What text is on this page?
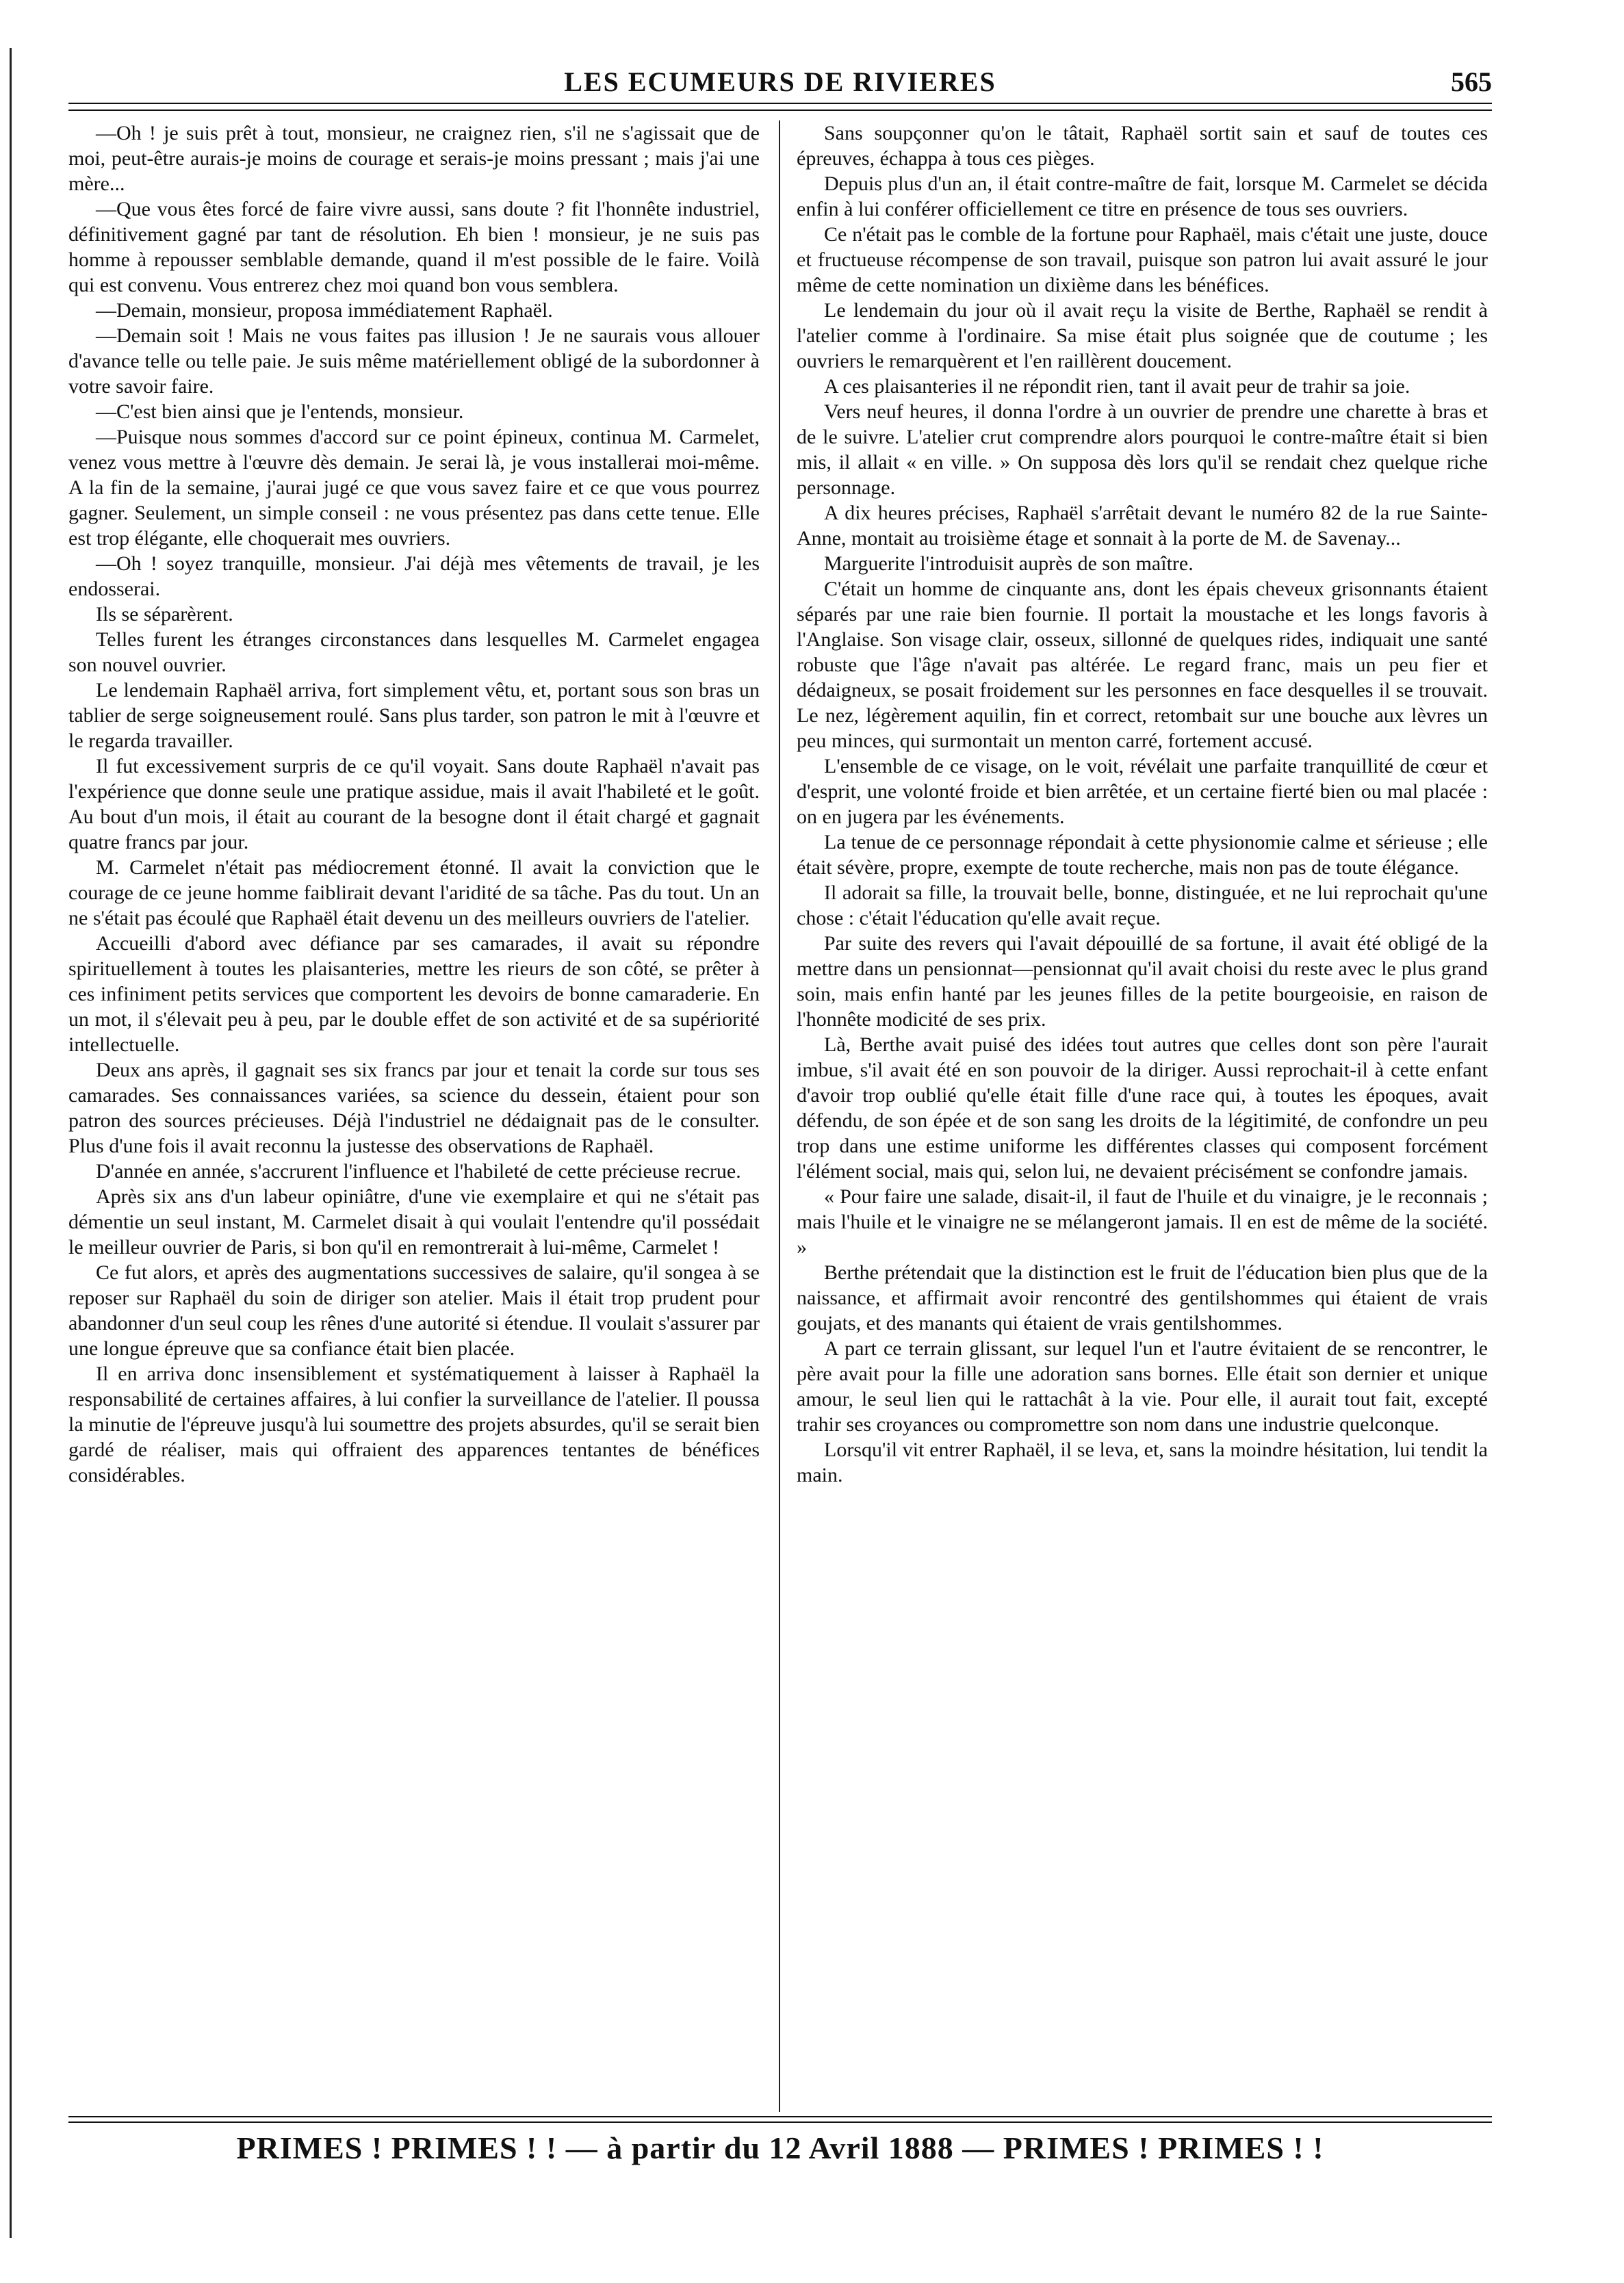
LES ECUMEURS DE RIVIERES	565

—Oh ! je suis prêt à tout, monsieur, ne craignez rien, s'il ne s'agissait que de moi, peut-être aurais-je moins de courage et serais-je moins pressant ; mais j'ai une mère...

—Que vous êtes forcé de faire vivre aussi, sans doute ? fit l'honnête industriel, définitivement gagné par tant de résolution. Eh bien ! monsieur, je ne suis pas homme à repousser semblable demande, quand il m'est possible de le faire. Voilà qui est convenu. Vous entrerez chez moi quand bon vous semblera.

—Demain, monsieur, proposa immédiatement Raphaël.

—Demain soit ! Mais ne vous faites pas illusion ! Je ne saurais vous allouer d'avance telle ou telle paie. Je suis même matériellement obligé de la subordonner à votre savoir faire.

—C'est bien ainsi que je l'entends, monsieur.

—Puisque nous sommes d'accord sur ce point épineux, continua M. Carmelet, venez vous mettre à l'œuvre dès demain. Je serai là, je vous installerai moi-même. A la fin de la semaine, j'aurai jugé ce que vous savez faire et ce que vous pourrez gagner. Seulement, un simple conseil : ne vous présentez pas dans cette tenue. Elle est trop élégante, elle choquerait mes ouvriers.

—Oh ! soyez tranquille, monsieur. J'ai déjà mes vêtements de travail, je les endosserai.

Ils se séparèrent.

Telles furent les étranges circonstances dans lesquelles M. Carmelet engagea son nouvel ouvrier.

Le lendemain Raphaël arriva, fort simplement vêtu, et, portant sous son bras un tablier de serge soigneusement roulé. Sans plus tarder, son patron le mit à l'œuvre et le regarda travailler.

Il fut excessivement surpris de ce qu'il voyait. Sans doute Raphaël n'avait pas l'expérience que donne seule une pratique assidue, mais il avait l'habileté et le goût. Au bout d'un mois, il était au courant de la besogne dont il était chargé et gagnait quatre francs par jour.

M. Carmelet n'était pas médiocrement étonné. Il avait la conviction que le courage de ce jeune homme faiblirait devant l'aridité de sa tâche. Pas du tout. Un an ne s'était pas écoulé que Raphaël était devenu un des meilleurs ouvriers de l'atelier.

Accueilli d'abord avec défiance par ses camarades, il avait su répondre spirituellement à toutes les plaisanteries, mettre les rieurs de son côté, se prêter à ces infiniment petits services que comportent les devoirs de bonne camaraderie. En un mot, il s'élevait peu à peu, par le double effet de son activité et de sa supériorité intellectuelle.

Deux ans après, il gagnait ses six francs par jour et tenait la corde sur tous ses camarades. Ses connaissances variées, sa science du dessein, étaient pour son patron des sources précieuses. Déjà l'industriel ne dédaignait pas de le consulter. Plus d'une fois il avait reconnu la justesse des observations de Raphaël.

D'année en année, s'accrurent l'influence et l'habileté de cette précieuse recrue.

Après six ans d'un labeur opiniâtre, d'une vie exemplaire et qui ne s'était pas démentie un seul instant, M. Carmelet disait à qui voulait l'entendre qu'il possédait le meilleur ouvrier de Paris, si bon qu'il en remontrerait à lui-même, Carmelet !

Ce fut alors, et après des augmentations successives de salaire, qu'il songea à se reposer sur Raphaël du soin de diriger son atelier. Mais il était trop prudent pour abandonner d'un seul coup les rênes d'une autorité si étendue. Il voulait s'assurer par une longue épreuve que sa confiance était bien placée.

Il en arriva donc insensiblement et systématiquement à laisser à Raphaël la responsabilité de certaines affaires, à lui confier la surveillance de l'atelier. Il poussa la minutie de l'épreuve jusqu'à lui soumettre des projets absurdes, qu'il se serait bien gardé de réaliser, mais qui offraient des apparences tentantes de bénéfices considérables.

Sans soupçonner qu'on le tâtait, Raphaël sortit sain et sauf de toutes ces épreuves, échappa à tous ces pièges.

Depuis plus d'un an, il était contre-maître de fait, lorsque M. Carmelet se décida enfin à lui conférer officiellement ce titre en présence de tous ses ouvriers.

Ce n'était pas le comble de la fortune pour Raphaël, mais c'était une juste, douce et fructueuse récompense de son travail, puisque son patron lui avait assuré le jour même de cette nomination un dixième dans les bénéfices.

Le lendemain du jour où il avait reçu la visite de Berthe, Raphaël se rendit à l'atelier comme à l'ordinaire. Sa mise était plus soignée que de coutume ; les ouvriers le remarquèrent et l'en raillèrent doucement.

A ces plaisanteries il ne répondit rien, tant il avait peur de trahir sa joie.

Vers neuf heures, il donna l'ordre à un ouvrier de prendre une charette à bras et de le suivre. L'atelier crut comprendre alors pourquoi le contre-maître était si bien mis, il allait « en ville. » On supposa dès lors qu'il se rendait chez quelque riche personnage.

A dix heures précises, Raphaël s'arrêtait devant le numéro 82 de la rue Sainte-Anne, montait au troisième étage et sonnait à la porte de M. de Savenay...

Marguerite l'introduisit auprès de son maître.

C'était un homme de cinquante ans, dont les épais cheveux grisonnants étaient séparés par une raie bien fournie. Il portait la moustache et les longs favoris à l'Anglaise. Son visage clair, osseux, sillonné de quelques rides, indiquait une santé robuste que l'âge n'avait pas altérée. Le regard franc, mais un peu fier et dédaigneux, se posait froidement sur les personnes en face desquelles il se trouvait. Le nez, légèrement aquilin, fin et correct, retombait sur une bouche aux lèvres un peu minces, qui surmontait un menton carré, fortement accusé.

L'ensemble de ce visage, on le voit, révélait une parfaite tranquillité de cœur et d'esprit, une volonté froide et bien arrêtée, et un certaine fierté bien ou mal placée : on en jugera par les événements.

La tenue de ce personnage répondait à cette physionomie calme et sérieuse ; elle était sévère, propre, exempte de toute recherche, mais non pas de toute élégance.

Il adorait sa fille, la trouvait belle, bonne, distinguée, et ne lui reprochait qu'une chose : c'était l'éducation qu'elle avait reçue.

Par suite des revers qui l'avait dépouillé de sa fortune, il avait été obligé de la mettre dans un pensionnat—pensionnat qu'il avait choisi du reste avec le plus grand soin, mais enfin hanté par les jeunes filles de la petite bourgeoisie, en raison de l'honnête modicité de ses prix.

Là, Berthe avait puisé des idées tout autres que celles dont son père l'aurait imbue, s'il avait été en son pouvoir de la diriger. Aussi reprochait-il à cette enfant d'avoir trop oublié qu'elle était fille d'une race qui, à toutes les époques, avait défendu, de son épée et de son sang les droits de la légitimité, de confondre un peu trop dans une estime uniforme les différentes classes qui composent forcément l'élément social, mais qui, selon lui, ne devaient précisément se confondre jamais.

« Pour faire une salade, disait-il, il faut de l'huile et du vinaigre, je le reconnais ; mais l'huile et le vinaigre ne se mélangeront jamais. Il en est de même de la société. »

Berthe prétendait que la distinction est le fruit de l'éducation bien plus que de la naissance, et affirmait avoir rencontré des gentilshommes qui étaient de vrais goujats, et des manants qui étaient de vrais gentilshommes.

A part ce terrain glissant, sur lequel l'un et l'autre évitaient de se rencontrer, le père avait pour la fille une adoration sans bornes. Elle était son dernier et unique amour, le seul lien qui le rattachât à la vie. Pour elle, il aurait tout fait, excepté trahir ses croyances ou compromettre son nom dans une industrie quelconque.

Lorsqu'il vit entrer Raphaël, il se leva, et, sans la moindre hésitation, lui tendit la main.

PRIMES ! PRIMES ! ! — à partir du 12 Avril 1888 — PRIMES ! PRIMES ! !
